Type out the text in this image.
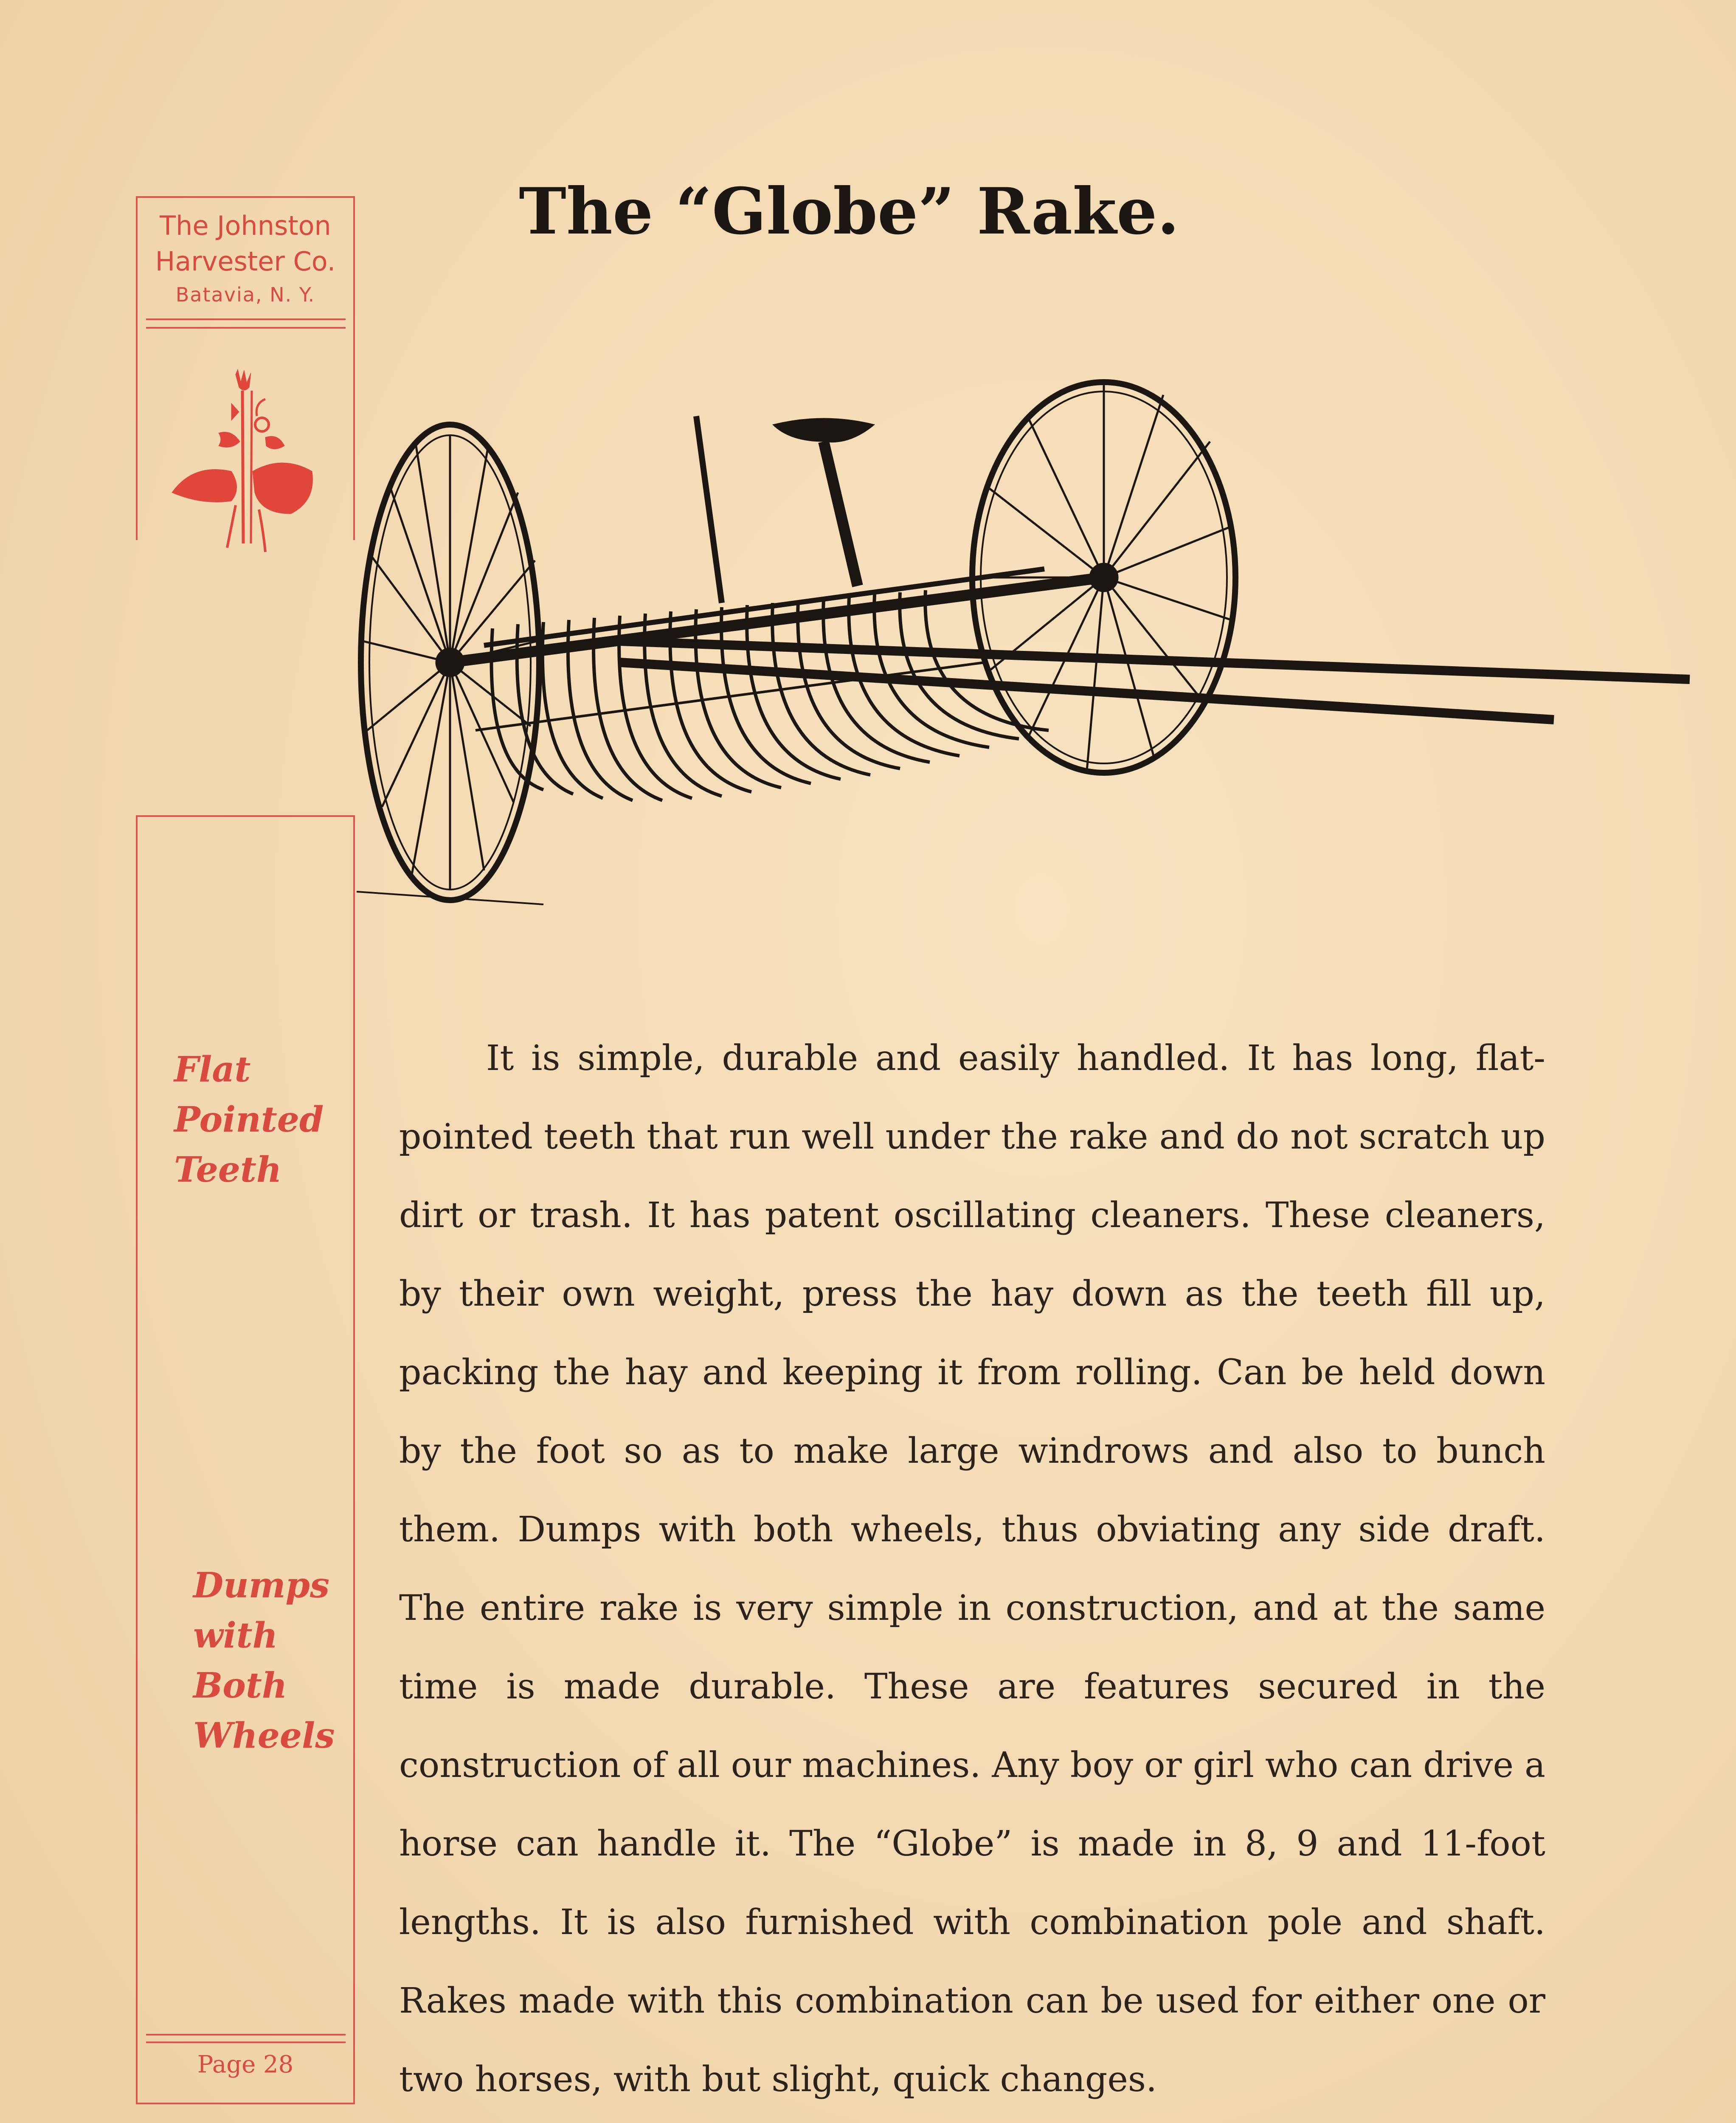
The Johnston
Harvester Co.
Batavia, N. Y.
Flat
Pointed
Teeth
Dumps
with
Both
Wheels
Page 28
The “Globe” Rake.
It is simple, durable and easily handled. It has long, flat-pointed teeth that run well under the rake and do not scratch up dirt or trash. It has patent oscillating cleaners. These cleaners, by their own weight, press the hay down as the teeth fill up, packing the hay and keeping it from rolling. Can be held down by the foot so as to make large windrows and also to bunch them. Dumps with both wheels, thus obviating any side draft. The entire rake is very simple in construction, and at the same time is made durable. These are features secured in the construction of all our machines. Any boy or girl who can drive a horse can handle it. The “Globe” is made in 8, 9 and 11-foot lengths. It is also furnished with combination pole and shaft. Rakes made with this combination can be used for either one or two horses, with but slight, quick changes.
